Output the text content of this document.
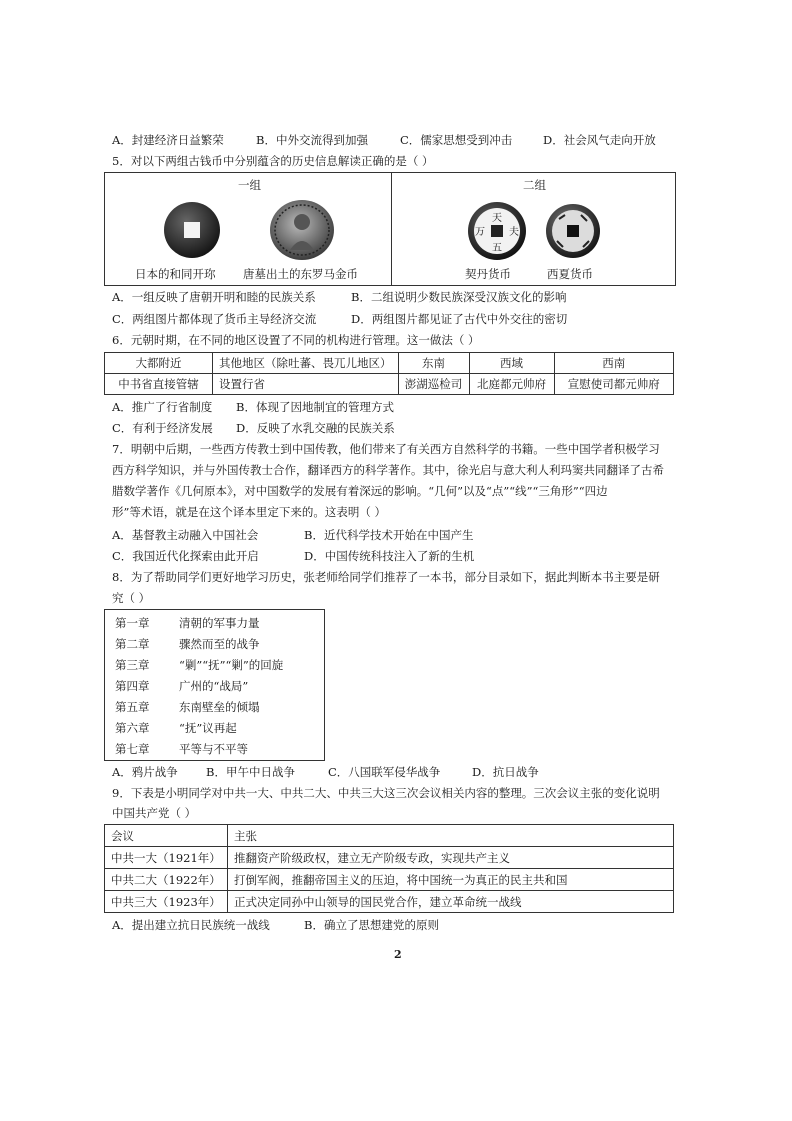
A．封建经济日益繁荣	B．中外交流得到加强	C．儒家思想受到冲击	D．社会风气走向开放
5．对以下两组古钱币中分别蕴含的历史信息解读正确的是（ ）
一组	二组
天
万 夫
五
日本的和同开珎 唐墓出土的东罗马金币	契丹货币	西夏货币
A．一组反映了唐朝开明和睦的民族关系	B．二组说明少数民族深受汉族文化的影响
C．两组图片都体现了货币主导经济交流	D．两组图片都见证了古代中外交往的密切
6．元朝时期，在不同的地区设置了不同的机构进行管理。这一做法（ ）
大都附近	其他地区（除吐蕃、畏兀儿地区）	东南	西域	西南
中书省直接管辖	设置行省	澎湖巡检司	北庭都元帅府	宣慰使司都元帅府
A．推广了行省制度 B．体现了因地制宜的管理方式
C．有利于经济发展 D．反映了水乳交融的民族关系
7．明朝中后期，一些西方传教士到中国传教，他们带来了有关西方自然科学的书籍。一些中国学者积极学习
西方科学知识，并与外国传教士合作，翻译西方的科学著作。其中，徐光启与意大利人利玛窦共同翻译了古希
腊数学著作《几何原本》，对中国数学的发展有着深远的影响。“几何”以及“点”“线”“三角形”“四边
形”等术语，就是在这个译本里定下来的。这表明（ ）
A．基督教主动融入中国社会	B．近代科学技术开始在中国产生
C．我国近代化探索由此开启	D．中国传统科技注入了新的生机
8．为了帮助同学们更好地学习历史，张老师给同学们推荐了一本书，部分目录如下，据此判断本书主要是研
究（ ）
第一章	清朝的军事力量
第二章	骤然而至的战争
第三章	“剿”“抚”“剿”的回旋
第四章	广州的“战局”
第五章	东南壁垒的倾塌
第六章	“抚”议再起
第七章	平等与不平等
A．鸦片战争 B．甲午中日战争	C．八国联军侵华战争	D．抗日战争
9．下表是小明同学对中共一大、中共二大、中共三大这三次会议相关内容的整理。三次会议主张的变化说明
中国共产党（ ）
会议	主张
中共一大（1921年）	推翻资产阶级政权，建立无产阶级专政，实现共产主义
中共二大（1922年）	打倒军阀，推翻帝国主义的压迫，将中国统一为真正的民主共和国
中共三大（1923年）	正式决定同孙中山领导的国民党合作，建立革命统一战线
A．提出建立抗日民族统一战线	B．确立了思想建党的原则
2
